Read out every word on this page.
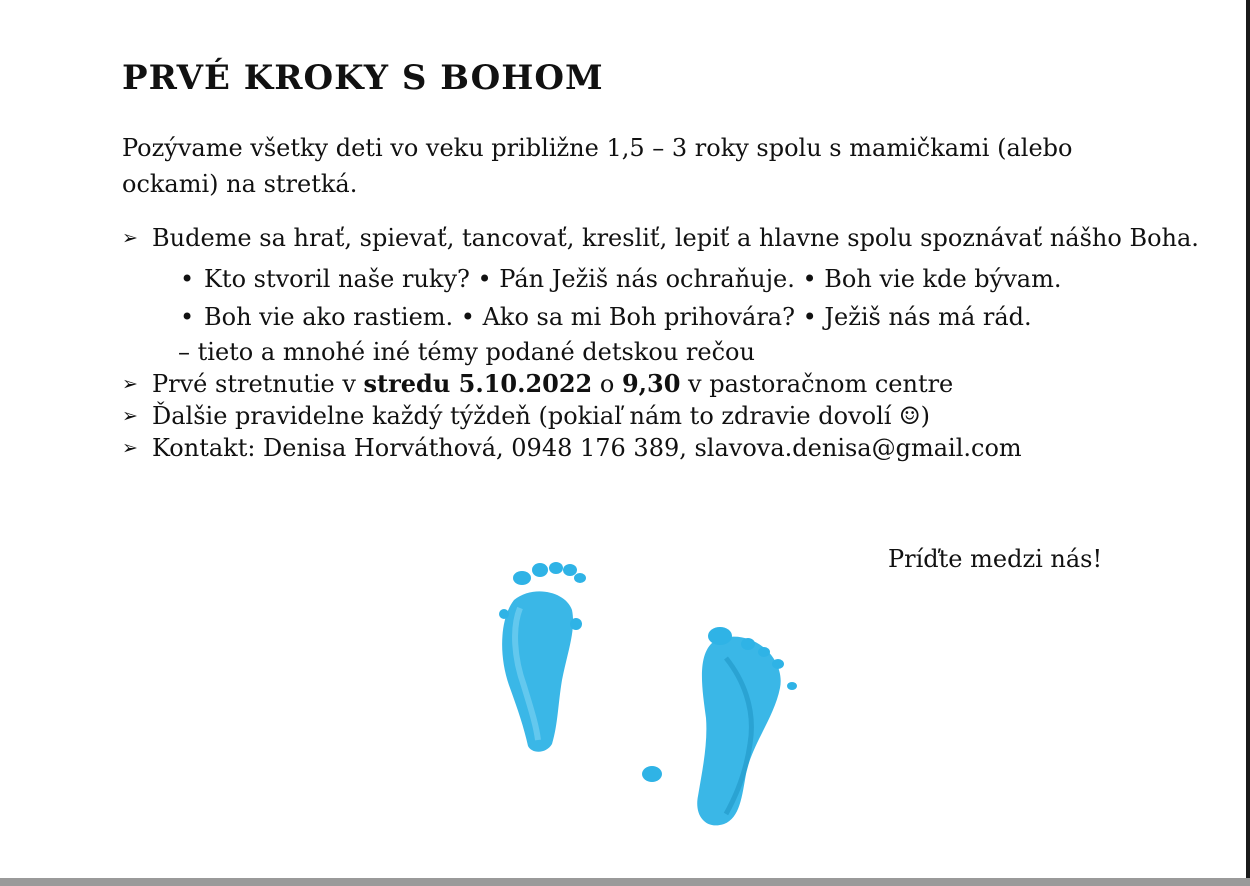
PRVÉ KROKY S BOHOM

Pozývame všetky deti vo veku približne 1,5 – 3 roky spolu s mamičkami (alebo ockami) na stretká.

➢ Budeme sa hrať, spievať, tancovať, kresliť, lepiť a hlavne spolu spoznávať nášho Boha.
• Kto stvoril naše ruky? • Pán Ježiš nás ochraňuje. • Boh vie kde bývam.
• Boh vie ako rastiem. • Ako sa mi Boh prihovára? • Ježiš nás má rád.
– tieto a mnohé iné témy podané detskou rečou
➢ Prvé stretnutie v stredu 5.10.2022 o 9,30 v pastoračnom centre
➢ Ďalšie pravidelne každý týždeň (pokiaľ nám to zdravie dovolí ☺)
➢ Kontakt: Denisa Horváthová, 0948 176 389, slavova.denisa@gmail.com

Príďte medzi nás!
